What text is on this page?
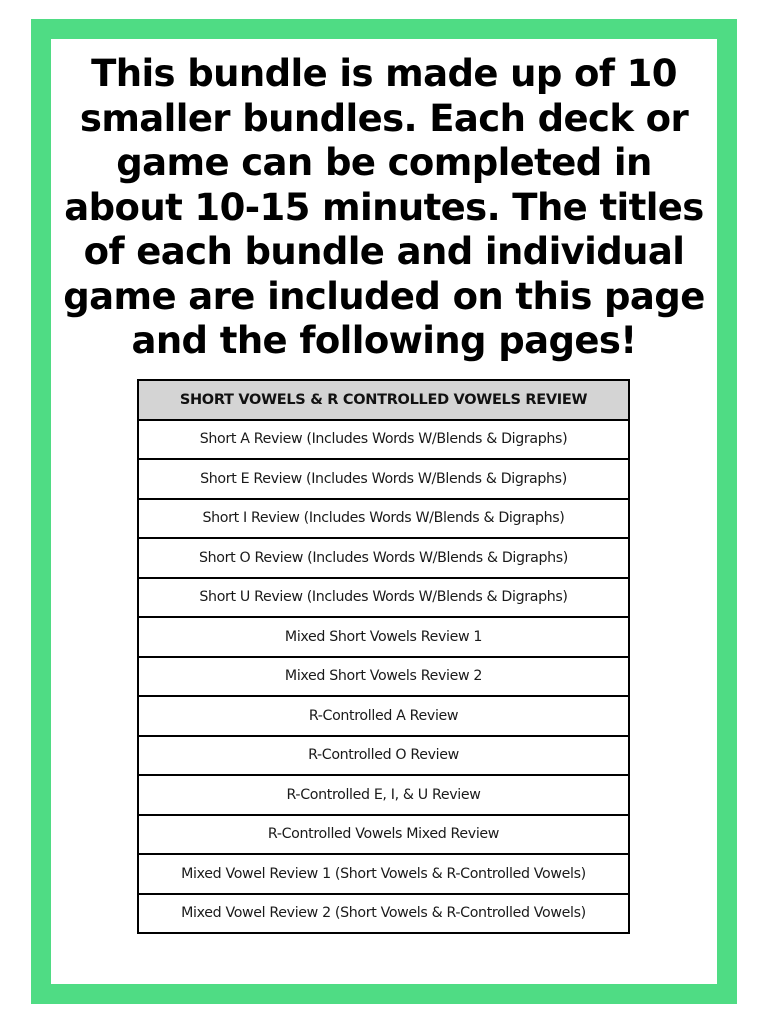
This bundle is made up of 10 smaller bundles. Each deck or game can be completed in about 10-15 minutes. The titles of each bundle and individual game are included on this page and the following pages!

SHORT VOWELS & R CONTROLLED VOWELS REVIEW
Short A Review (Includes Words W/Blends & Digraphs)
Short E Review (Includes Words W/Blends & Digraphs)
Short I Review (Includes Words W/Blends & Digraphs)
Short O Review (Includes Words W/Blends & Digraphs)
Short U Review (Includes Words W/Blends & Digraphs)
Mixed Short Vowels Review 1
Mixed Short Vowels Review 2
R-Controlled A Review
R-Controlled O Review
R-Controlled E, I, & U Review
R-Controlled Vowels Mixed Review
Mixed Vowel Review 1 (Short Vowels & R-Controlled Vowels)
Mixed Vowel Review 2 (Short Vowels & R-Controlled Vowels)
